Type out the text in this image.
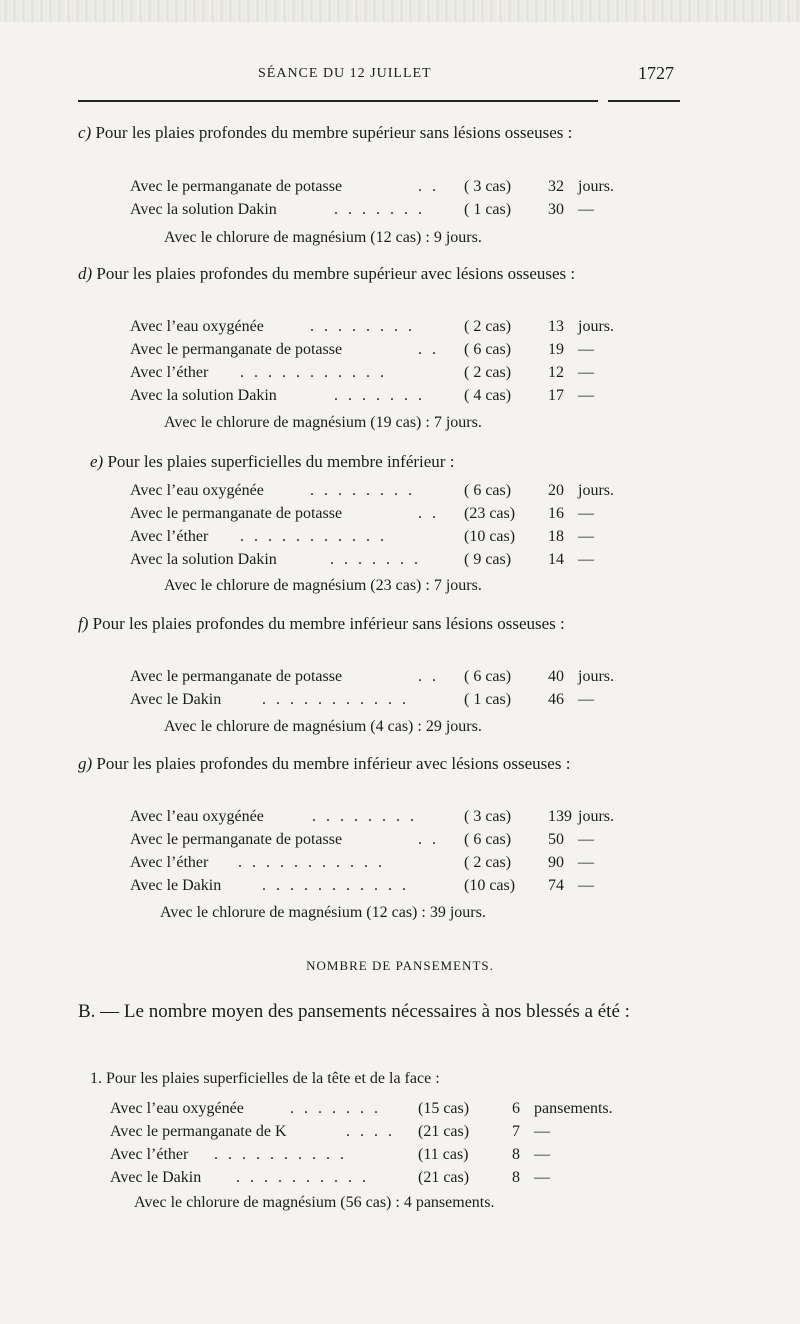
SÉANCE DU 12 JUILLET	1727
c) Pour les plaies profondes du membre supérieur sans lésions osseuses :
Avec le permanganate de potasse	. . ( 3 cas) 32 jours.
Avec la solution Dakin	. . . . . . . ( 1 cas) 30 —
Avec le chlorure de magnésium (12 cas) : 9 jours.
d) Pour les plaies profondes du membre supérieur avec lésions osseuses :
Avec l’eau oxygénée	. . . . . . . .	( 2 cas) 13 jours.
Avec le permanganate de potasse	. . ( 6 cas) 19 —
Avec l’éther . . . . . . . . . . .	( 2 cas) 12 —
Avec la solution Dakin	. . . . . . . ( 4 cas) 17 —
Avec le chlorure de magnésium (19 cas) : 7 jours.
e) Pour les plaies superficielles du membre inférieur :
Avec l’eau oxygénée	. . . . . . . .	( 6 cas) 20 jours.
Avec le permanganate de potasse	. . (23 cas) 16 —
Avec l’éther . . . . . . . . . . .	(10 cas) 18 —
Avec la solution Dakin	. . . . . . .	( 9 cas) 14 —
Avec le chlorure de magnésium (23 cas) : 7 jours.
f) Pour les plaies profondes du membre inférieur sans lésions osseuses :
Avec le permanganate de potasse	. . ( 6 cas) 40 jours.
Avec le Dakin	. . . . . . . . . . .	( 1 cas) 46 —
Avec le chlorure de magnésium (4 cas) : 29 jours.
g) Pour les plaies profondes du membre inférieur avec lésions osseuses :
Avec l’eau oxygénée	. . . . . . . .	( 3 cas) 139 jours.
Avec le permanganate de potasse	. . ( 6 cas) 50 —
Avec l’éther . . . . . . . . . . .	( 2 cas) 90 —
Avec le Dakin	. . . . . . . . . . .	(10 cas) 74 —
Avec le chlorure de magnésium (12 cas) : 39 jours.
NOMBRE DE PANSEMENTS.
B. — Le nombre moyen des pansements nécessaires à nos blessés a été :
1. Pour les plaies superficielles de la tête et de la face :
Avec l’eau oxygénée	. . . . . . . (15 cas)	6 pansements.
Avec le permanganate de K	. . . . (21 cas)	7 —
Avec l’éther . . . . . . . . . .	(11 cas)	8 —
Avec le Dakin . . . . . . . . . .	(21 cas)	8 —
Avec le chlorure de magnésium (56 cas) : 4 pansements.
